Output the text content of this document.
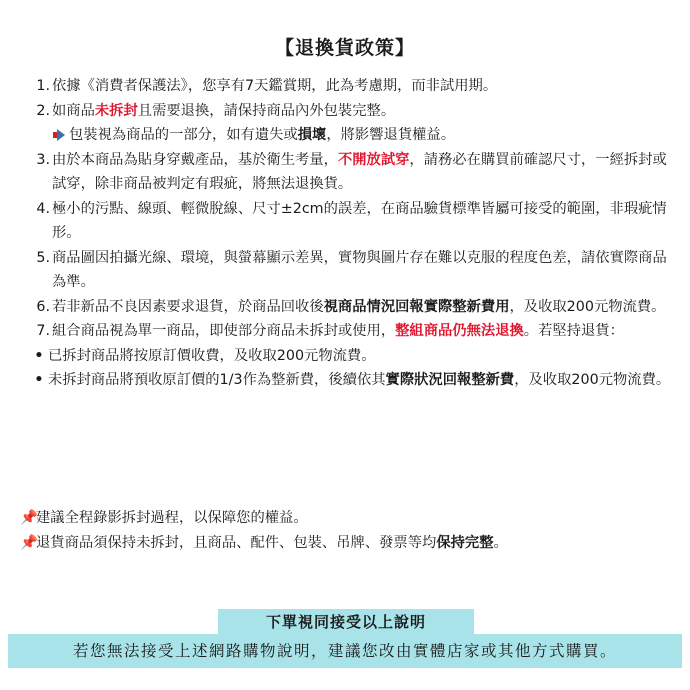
【退換貨政策】
1. 依據《消費者保護法》，您享有7天鑑賞期，此為考慮期，而非試用期。
2. 如商品未拆封且需要退換，請保持商品內外包裝完整。
包裝視為商品的一部分，如有遺失或損壞，將影響退貨權益。
3. 由於本商品為貼身穿戴產品，基於衛生考量，不開放試穿，請務必在購買前確認尺寸，一經拆封或試穿，除非商品被判定有瑕疵，將無法退換貨。
4. 極小的污點、線頭、輕微脫線、尺寸±2cm的誤差，在商品驗貨標準皆屬可接受的範圍，非瑕疵情形。
5. 商品圖因拍攝光線、環境，與螢幕顯示差異，實物與圖片存在難以克服的程度色差，請依實際商品為準。
6. 若非新品不良因素要求退貨，於商品回收後視商品情況回報實際整新費用，及收取200元物流費。
7. 組合商品視為單一商品，即使部分商品未拆封或使用，整組商品仍無法退換。若堅持退貨：
• 已拆封商品將按原訂價收費，及收取200元物流費。
• 未拆封商品將預收原訂價的1/3作為整新費，後續依其實際狀況回報整新費，及收取200元物流費。
📌建議全程錄影拆封過程，以保障您的權益。
📌退貨商品須保持未拆封，且商品、配件、包裝、吊牌、發票等均保持完整。
下單視同接受以上說明
若您無法接受上述網路購物說明，建議您改由實體店家或其他方式購買。
